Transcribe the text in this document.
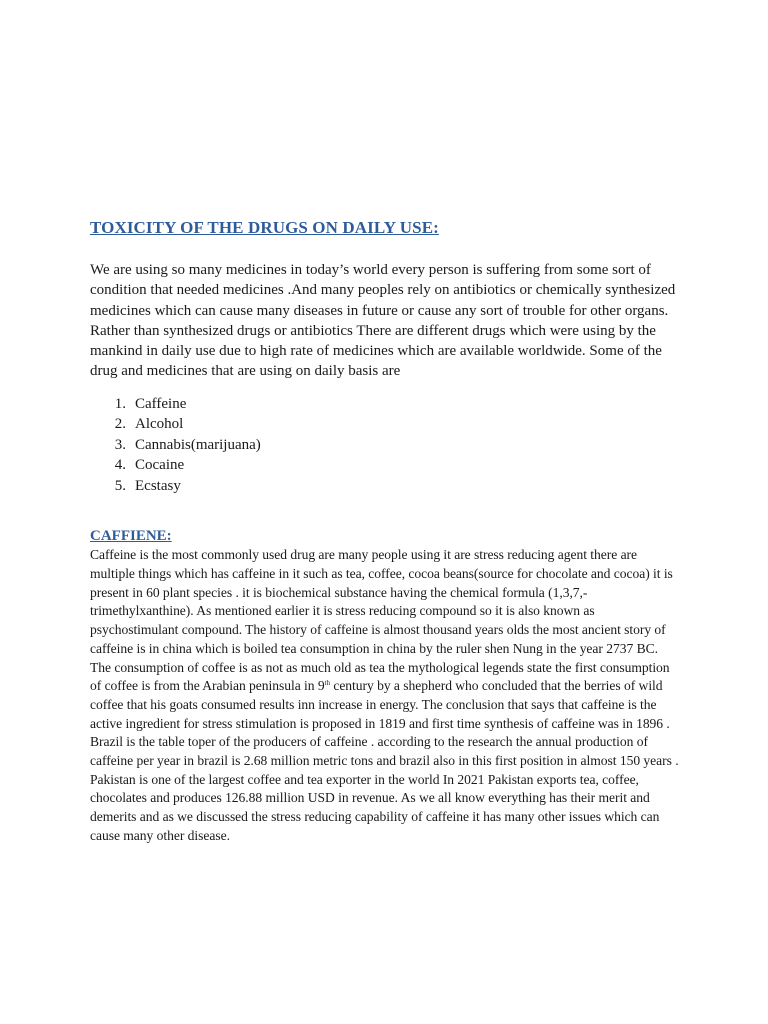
TOXICITY OF THE DRUGS ON DAILY USE:

We are using so many medicines in today’s world every person is suffering from some sort of condition that needed medicines .And many peoples rely on antibiotics or chemically synthesized medicines which can cause many diseases in future or cause any sort of trouble for other organs. Rather than synthesized drugs or antibiotics There are different drugs which were using by the mankind in daily use due to high rate of medicines which are available worldwide. Some of the drug and medicines that are using on daily basis are

1. Caffeine
2. Alcohol
3. Cannabis(marijuana)
4. Cocaine
5. Ecstasy
CAFFIENE:

Caffeine is the most commonly used drug are many people using it are stress reducing agent there are multiple things which has caffeine in it such as tea, coffee, cocoa beans(source for chocolate and cocoa) it is present in 60 plant species . it is biochemical substance having the chemical formula (1,3,7,-trimethylxanthine). As mentioned earlier it is stress reducing compound so it is also known as psychostimulant compound. The history of caffeine is almost thousand years olds the most ancient story of caffeine is in china which is boiled tea consumption in china by the ruler shen Nung in the year 2737 BC. The consumption of coffee is as not as much old as tea the mythological legends state the first consumption of coffee is from the Arabian peninsula in 9th century by a shepherd who concluded that the berries of wild coffee that his goats consumed results inn increase in energy. The conclusion that says that caffeine is the active ingredient for stress stimulation is proposed in 1819 and first time synthesis of caffeine was in 1896 . Brazil is the table toper of the producers of caffeine . according to the research the annual production of caffeine per year in brazil is 2.68 million metric tons and brazil also in this first position in almost 150 years . Pakistan is one of the largest coffee and tea exporter in the world In 2021 Pakistan exports tea, coffee, chocolates and produces 126.88 million USD in revenue. As we all know everything has their merit and demerits and as we discussed the stress reducing capability of caffeine it has many other issues which can cause many other disease.
